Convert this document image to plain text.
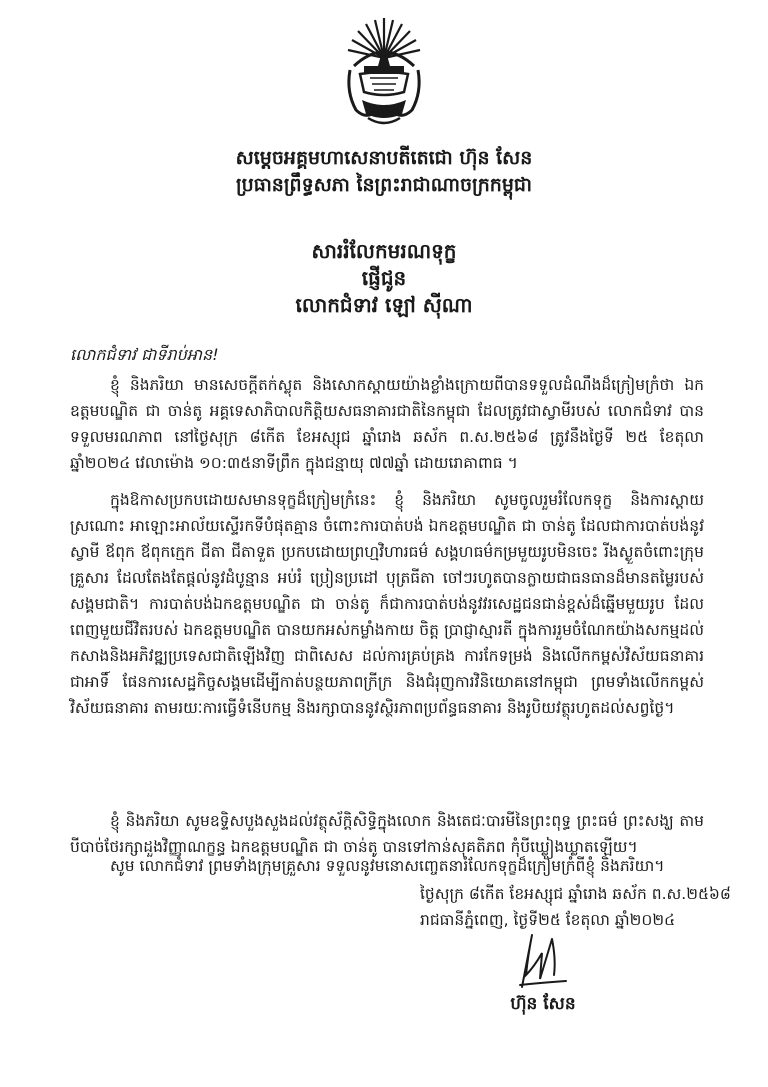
សម្ដេចអគ្គមហាសេនាបតីតេជោ ហ៊ុន សែន
ប្រធានព្រឹទ្ធសភា នៃព្រះរាជាណាចក្រកម្ពុជា
សាររំលែកមរណទុក្ខ
ផ្ញើជូន
លោកជំទាវ ឡៅ ស៊ីណា
លោកជំទាវ ជាទីរាប់អាន!

ខ្ញុំ និងភរិយា មានសេចក្ដីតក់ស្លុត និងសោកស្ដាយយ៉ាងខ្លាំងក្រោយពីបានទទួលដំណឹងដ៏ក្រៀមក្រំថា ឯកឧត្តមបណ្ឌិត ជា ចាន់តូ អគ្គទេសាភិបាលកិត្តិយសធនាគារជាតិនៃកម្ពុជា ដែលត្រូវជាស្វាមីរបស់ លោកជំទាវ បានទទួលមរណភាព នៅថ្ងៃសុក្រ ៨កើត ខែអស្សុជ ឆ្នាំរោង ឆស័ក ព.ស.២៥៦៨ ត្រូវនឹងថ្ងៃទី ២៥ ខែតុលា ឆ្នាំ២០២៤ វេលាម៉ោង ១០:៣៥នាទីព្រឹក ក្នុងជន្មាយុ ៧៧ឆ្នាំ ដោយរោគាពាធ ។

ក្នុងឱកាសប្រកបដោយសមានទុក្ខដ៏ក្រៀមក្រំនេះ ខ្ញុំ និងភរិយា សូមចូលរួមរំលែកទុក្ខ និងការស្ដាយស្រណោះ អាឡោះអាល័យស្ទើរកទីបំផុតគ្មាន ចំពោះការបាត់បង់ ឯកឧត្តមបណ្ឌិត ជា ចាន់តូ ដែលជាការបាត់បង់នូវស្វាមី ឪពុក ឪពុកក្មេក ជីតា ជីតាទួត ប្រកបដោយព្រហ្មវិហារធម៌ សង្គហធម៌កម្រមួយរូបមិនចេះ រីងស្ងួតចំពោះក្រុមគ្រួសារ ដែលតែងតែផ្ដល់នូវដំបូន្មាន អប់រំ ប្រៀនប្រដៅ បុត្រធីតា ចៅៗរហូតបានក្លាយជាធនធានដ៏មានតម្លៃរបស់សង្គមជាតិ។ ការបាត់បង់ឯកឧត្តមបណ្ឌិត ជា ចាន់តូ ក៏ជាការបាត់បង់នូវវរសេដ្ឋជនជាន់ខ្ពស់ដ៏ឆ្នើមមួយរូប ដែលពេញមួយជីវិតរបស់ ឯកឧត្តមបណ្ឌិត បានយកអស់កម្លាំងកាយ ចិត្ត ប្រាជ្ញាស្មារតី ក្នុងការរួមចំណែកយ៉ាងសកម្មដល់កសាងនិងអភិវឌ្ឍប្រទេសជាតិឡើងវិញ ជាពិសេស ដល់ការគ្រប់គ្រង ការកែទម្រង់ និងលើកកម្ពស់វិស័យធនាគារ ជាអាទិ៍ ផែនការសេដ្ឋកិច្ចសង្គមដើម្បីកាត់បន្ថយភាពក្រីក្រ និងជំរុញការវិនិយោគនៅកម្ពុជា ព្រមទាំងលើកកម្ពស់វិស័យធនាគារ តាមរយៈការធ្វើទំនើបកម្ម និងរក្សាបាននូវស្ថិរភាពប្រព័ន្ធធនាគារ និងរូបិយវត្ថុរហូតដល់សព្វថ្ងៃ។

ខ្ញុំ និងភរិយា សូមឧទ្ទិសបួងសួងដល់វត្ថុស័ក្ដិសិទ្ធិក្នុងលោក និងតេជៈបារមីនៃព្រះពុទ្ធ ព្រះធម៌ ព្រះសង្ឃ តាមបីបាច់ថែរក្សាដួងវិញ្ញាណក្ខន្ធ ឯកឧត្តមបណ្ឌិត ជា ចាន់តូ បានទៅកាន់សុគតិភព កុំបីឃ្លៀងឃ្លាតឡើយ។

សូម លោកជំទាវ ព្រមទាំងក្រុមគ្រួសារ ទទួលនូវមនោសញ្ចេតនារំលែកទុក្ខដ៏ក្រៀមក្រំពីខ្ញុំ និងភរិយា។

ថ្ងៃសុក្រ ៨កើត ខែអស្សុជ ឆ្នាំរោង ឆស័ក ព.ស.២៥៦៨
រាជធានីភ្នំពេញ, ថ្ងៃទី២៥ ខែតុលា ឆ្នាំ២០២៤
ហ៊ុន សែន
